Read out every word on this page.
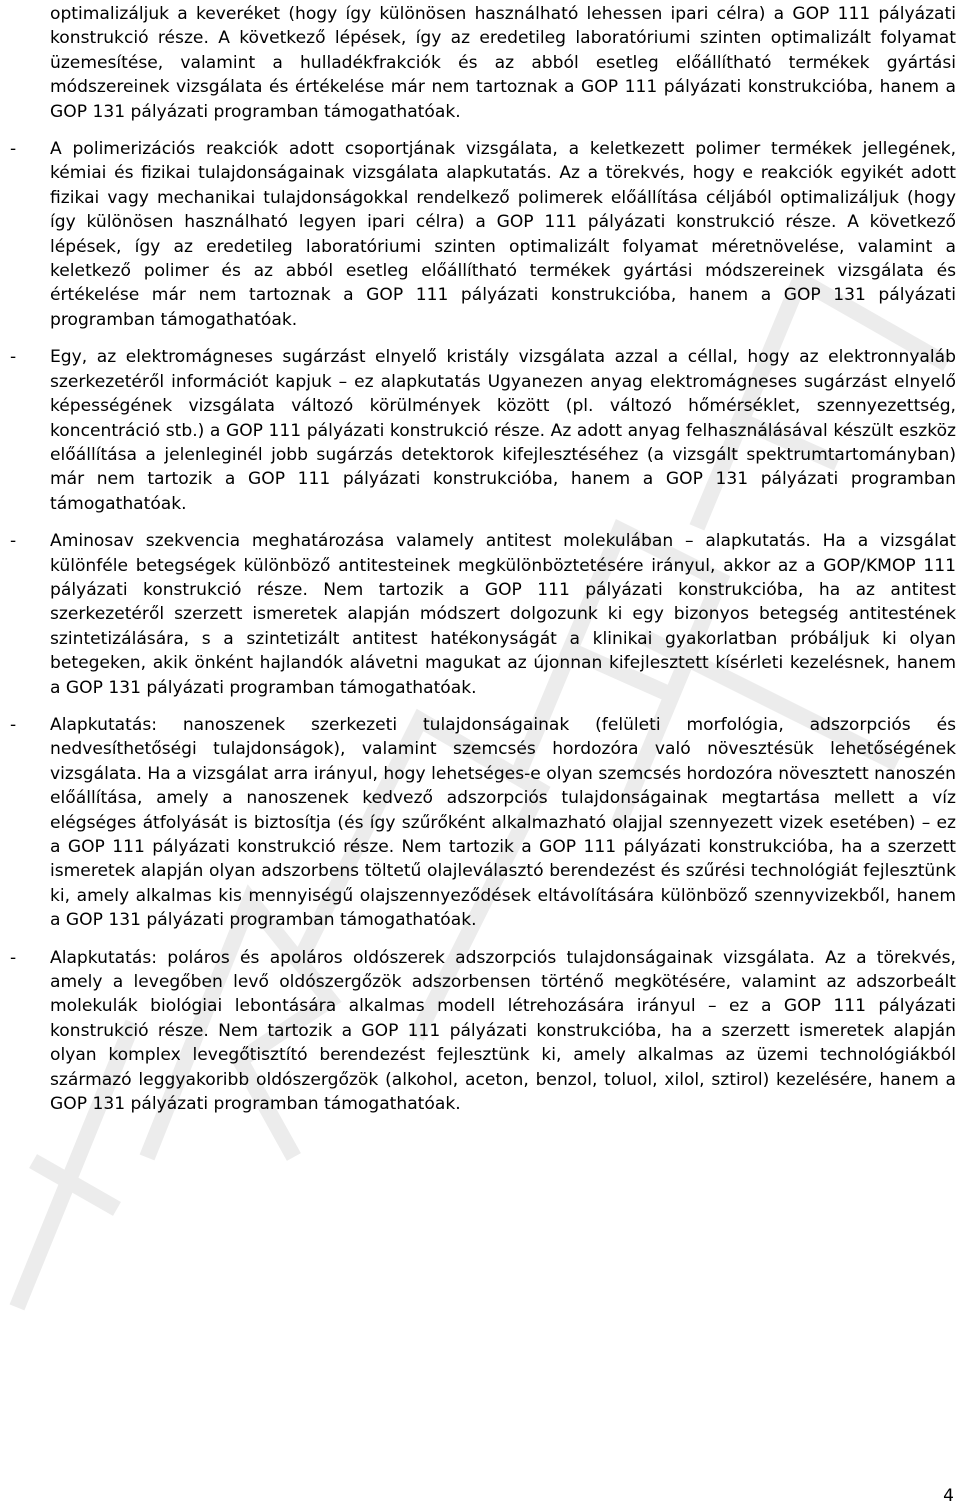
optimalizáljuk a keveréket (hogy így különösen használható lehessen ipari célra) a GOP 111 pályázati konstrukció része. A következő lépések, így az eredetileg laboratóriumi szinten optimalizált folyamat üzemesítése, valamint a hulladékfrakciók és az abból esetleg előállítható termékek gyártási módszereinek vizsgálata és értékelése már nem tartoznak a GOP 111 pályázati konstrukcióba, hanem a GOP 131 pályázati programban támogathatóak.

- A polimerizációs reakciók adott csoportjának vizsgálata, a keletkezett polimer termékek jellegének, kémiai és fizikai tulajdonságainak vizsgálata alapkutatás. Az a törekvés, hogy e reakciók egyikét adott fizikai vagy mechanikai tulajdonságokkal rendelkező polimerek előállítása céljából optimalizáljuk (hogy így különösen használható legyen ipari célra) a GOP 111 pályázati konstrukció része. A következő lépések, így az eredetileg laboratóriumi szinten optimalizált folyamat méretnövelése, valamint a keletkező polimer és az abból esetleg előállítható termékek gyártási módszereinek vizsgálata és értékelése már nem tartoznak a GOP 111 pályázati konstrukcióba, hanem a GOP 131 pályázati programban támogathatóak.
- Egy, az elektromágneses sugárzást elnyelő kristály vizsgálata azzal a céllal, hogy az elektronnyaláb szerkezetéről információt kapjuk – ez alapkutatás Ugyanezen anyag elektromágneses sugárzást elnyelő képességének vizsgálata változó körülmények között (pl. változó hőmérséklet, szennyezettség, koncentráció stb.) a GOP 111 pályázati konstrukció része. Az adott anyag felhasználásával készült eszköz előállítása a jelenleginél jobb sugárzás detektorok kifejlesztéséhez (a vizsgált spektrumtartományban) már nem tartozik a GOP 111 pályázati konstrukcióba, hanem a GOP 131 pályázati programban támogathatóak.
- Aminosav szekvencia meghatározása valamely antitest molekulában – alapkutatás. Ha a vizsgálat különféle betegségek különböző antitesteinek megkülönböztetésére irányul, akkor az a GOP/KMOP 111 pályázati konstrukció része. Nem tartozik a GOP 111 pályázati konstrukcióba, ha az antitest szerkezetéről szerzett ismeretek alapján módszert dolgozunk ki egy bizonyos betegség antitestének szintetizálására, s a szintetizált antitest hatékonyságát a klinikai gyakorlatban próbáljuk ki olyan betegeken, akik önként hajlandók alávetni magukat az újonnan kifejlesztett kísérleti kezelésnek, hanem a GOP 131 pályázati programban támogathatóak.
- Alapkutatás: nanoszenek szerkezeti tulajdonságainak (felületi morfológia, adszorpciós és nedvesíthetőségi tulajdonságok), valamint szemcsés hordozóra való növesztésük lehetőségének vizsgálata. Ha a vizsgálat arra irányul, hogy lehetséges-e olyan szemcsés hordozóra növesztett nanoszén előállítása, amely a nanoszenek kedvező adszorpciós tulajdonságainak megtartása mellett a víz elégséges átfolyását is biztosítja (és így szűrőként alkalmazható olajjal szennyezett vizek esetében) – ez a GOP 111 pályázati konstrukció része. Nem tartozik a GOP 111 pályázati konstrukcióba, ha a szerzett ismeretek alapján olyan adszorbens töltetű olajleválasztó berendezést és szűrési technológiát fejlesztünk ki, amely alkalmas kis mennyiségű olajszennyeződések eltávolítására különböző szennyvizekből, hanem a GOP 131 pályázati programban támogathatóak.
- Alapkutatás: poláros és apoláros oldószerek adszorpciós tulajdonságainak vizsgálata. Az a törekvés, amely a levegőben levő oldószergőzök adszorbensen történő megkötésére, valamint az adszorbeált molekulák biológiai lebontására alkalmas modell létrehozására irányul – ez a GOP 111 pályázati konstrukció része. Nem tartozik a GOP 111 pályázati konstrukcióba, ha a szerzett ismeretek alapján olyan komplex levegőtisztító berendezést fejlesztünk ki, amely alkalmas az üzemi technológiákból származó leggyakoribb oldószergőzök (alkohol, aceton, benzol, toluol, xilol, sztirol) kezelésére, hanem a GOP 131 pályázati programban támogathatóak.
4
